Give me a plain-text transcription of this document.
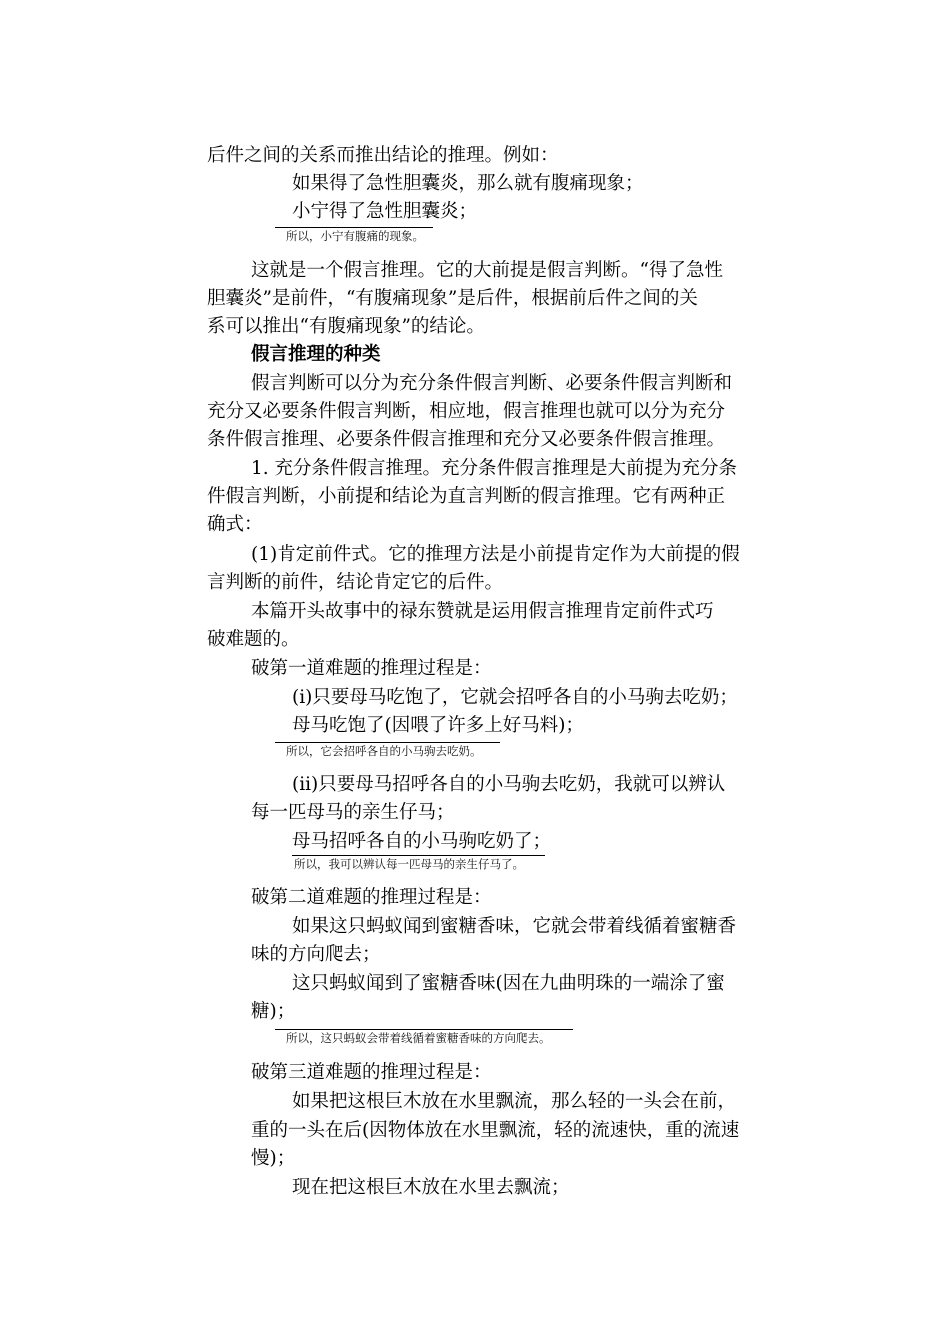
后件之间的关系而推出结论的推理。例如：
如果得了急性胆囊炎，那么就有腹痛现象；
小宁得了急性胆囊炎；
所以，小宁有腹痛的现象。
这就是一个假言推理。它的大前提是假言判断。“得了急性
胆囊炎”是前件，“有腹痛现象”是后件，根据前后件之间的关
系可以推出“有腹痛现象”的结论。
假言推理的种类
假言判断可以分为充分条件假言判断、必要条件假言判断和
充分又必要条件假言判断，相应地，假言推理也就可以分为充分
条件假言推理、必要条件假言推理和充分又必要条件假言推理。
1. 充分条件假言推理。充分条件假言推理是大前提为充分条
件假言判断，小前提和结论为直言判断的假言推理。它有两种正
确式：
(1)肯定前件式。它的推理方法是小前提肯定作为大前提的假
言判断的前件，结论肯定它的后件。
本篇开头故事中的禄东赞就是运用假言推理肯定前件式巧
破难题的。
破第一道难题的推理过程是：
(i)只要母马吃饱了，它就会招呼各自的小马驹去吃奶；
母马吃饱了(因喂了许多上好马料)；
所以，它会招呼各自的小马驹去吃奶。
(ii)只要母马招呼各自的小马驹去吃奶，我就可以辨认
每一匹母马的亲生仔马；
母马招呼各自的小马驹吃奶了；
所以，我可以辨认每一匹母马的亲生仔马了。
破第二道难题的推理过程是：
如果这只蚂蚁闻到蜜糖香味，它就会带着线循着蜜糖香
味的方向爬去；
这只蚂蚁闻到了蜜糖香味(因在九曲明珠的一端涂了蜜
糖)；
所以，这只蚂蚁会带着线循着蜜糖香味的方向爬去。
破第三道难题的推理过程是：
如果把这根巨木放在水里飘流，那么轻的一头会在前，
重的一头在后(因物体放在水里飘流，轻的流速快，重的流速
慢)；
现在把这根巨木放在水里去飘流；
